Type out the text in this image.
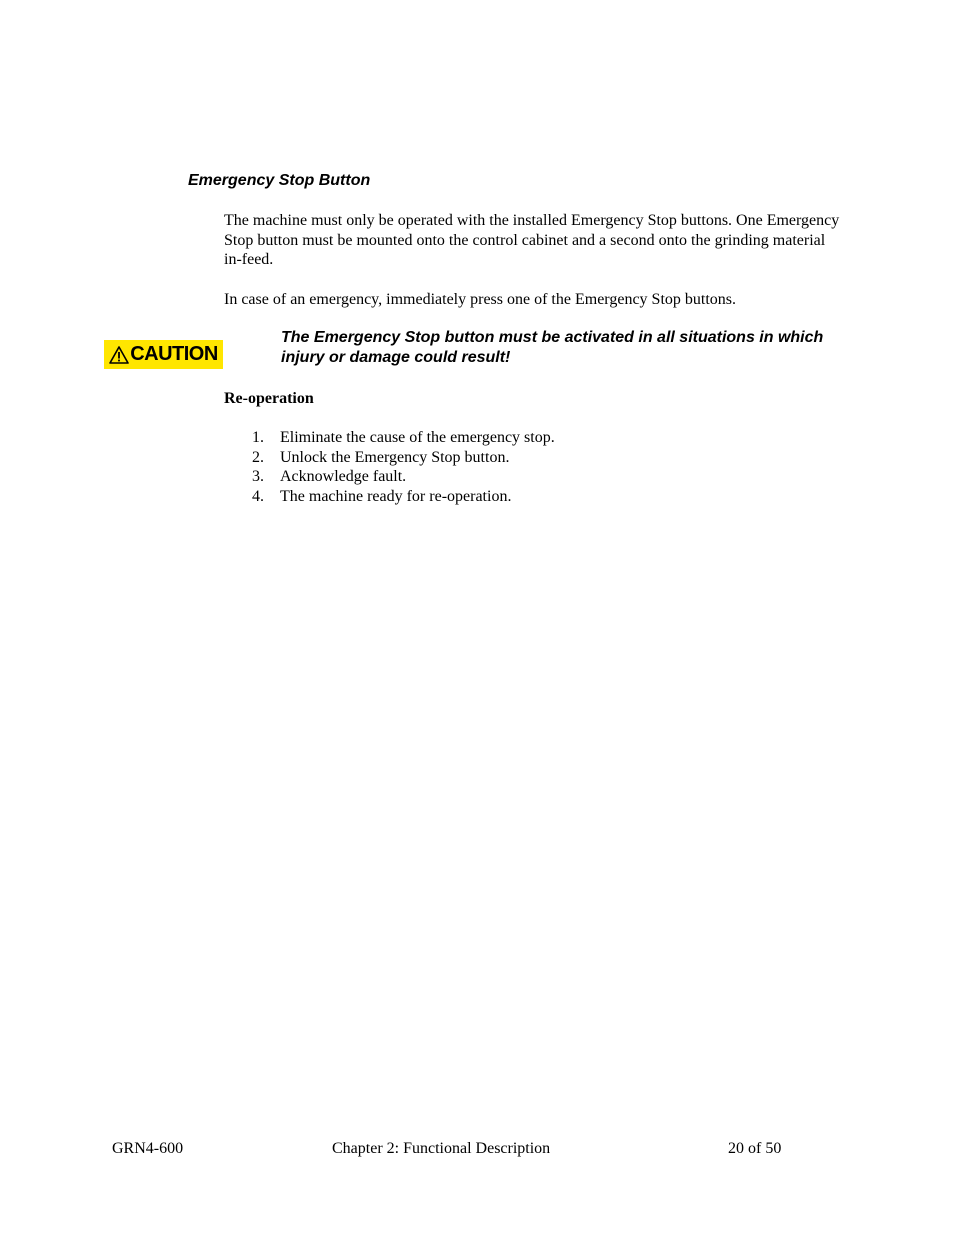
Emergency Stop Button

The machine must only be operated with the installed Emergency Stop buttons. One Emergency Stop button must be mounted onto the control cabinet and a second onto the grinding material in-feed.

In case of an emergency, immediately press one of the Emergency Stop buttons.

CAUTION

The Emergency Stop button must be activated in all situations in which injury or damage could result!

Re-operation
1.	Eliminate the cause of the emergency stop.
2.	Unlock the Emergency Stop button.
3.	Acknowledge fault.
4.	The machine ready for re-operation.

GRN4-600	Chapter 2: Functional Description	20 of 50
